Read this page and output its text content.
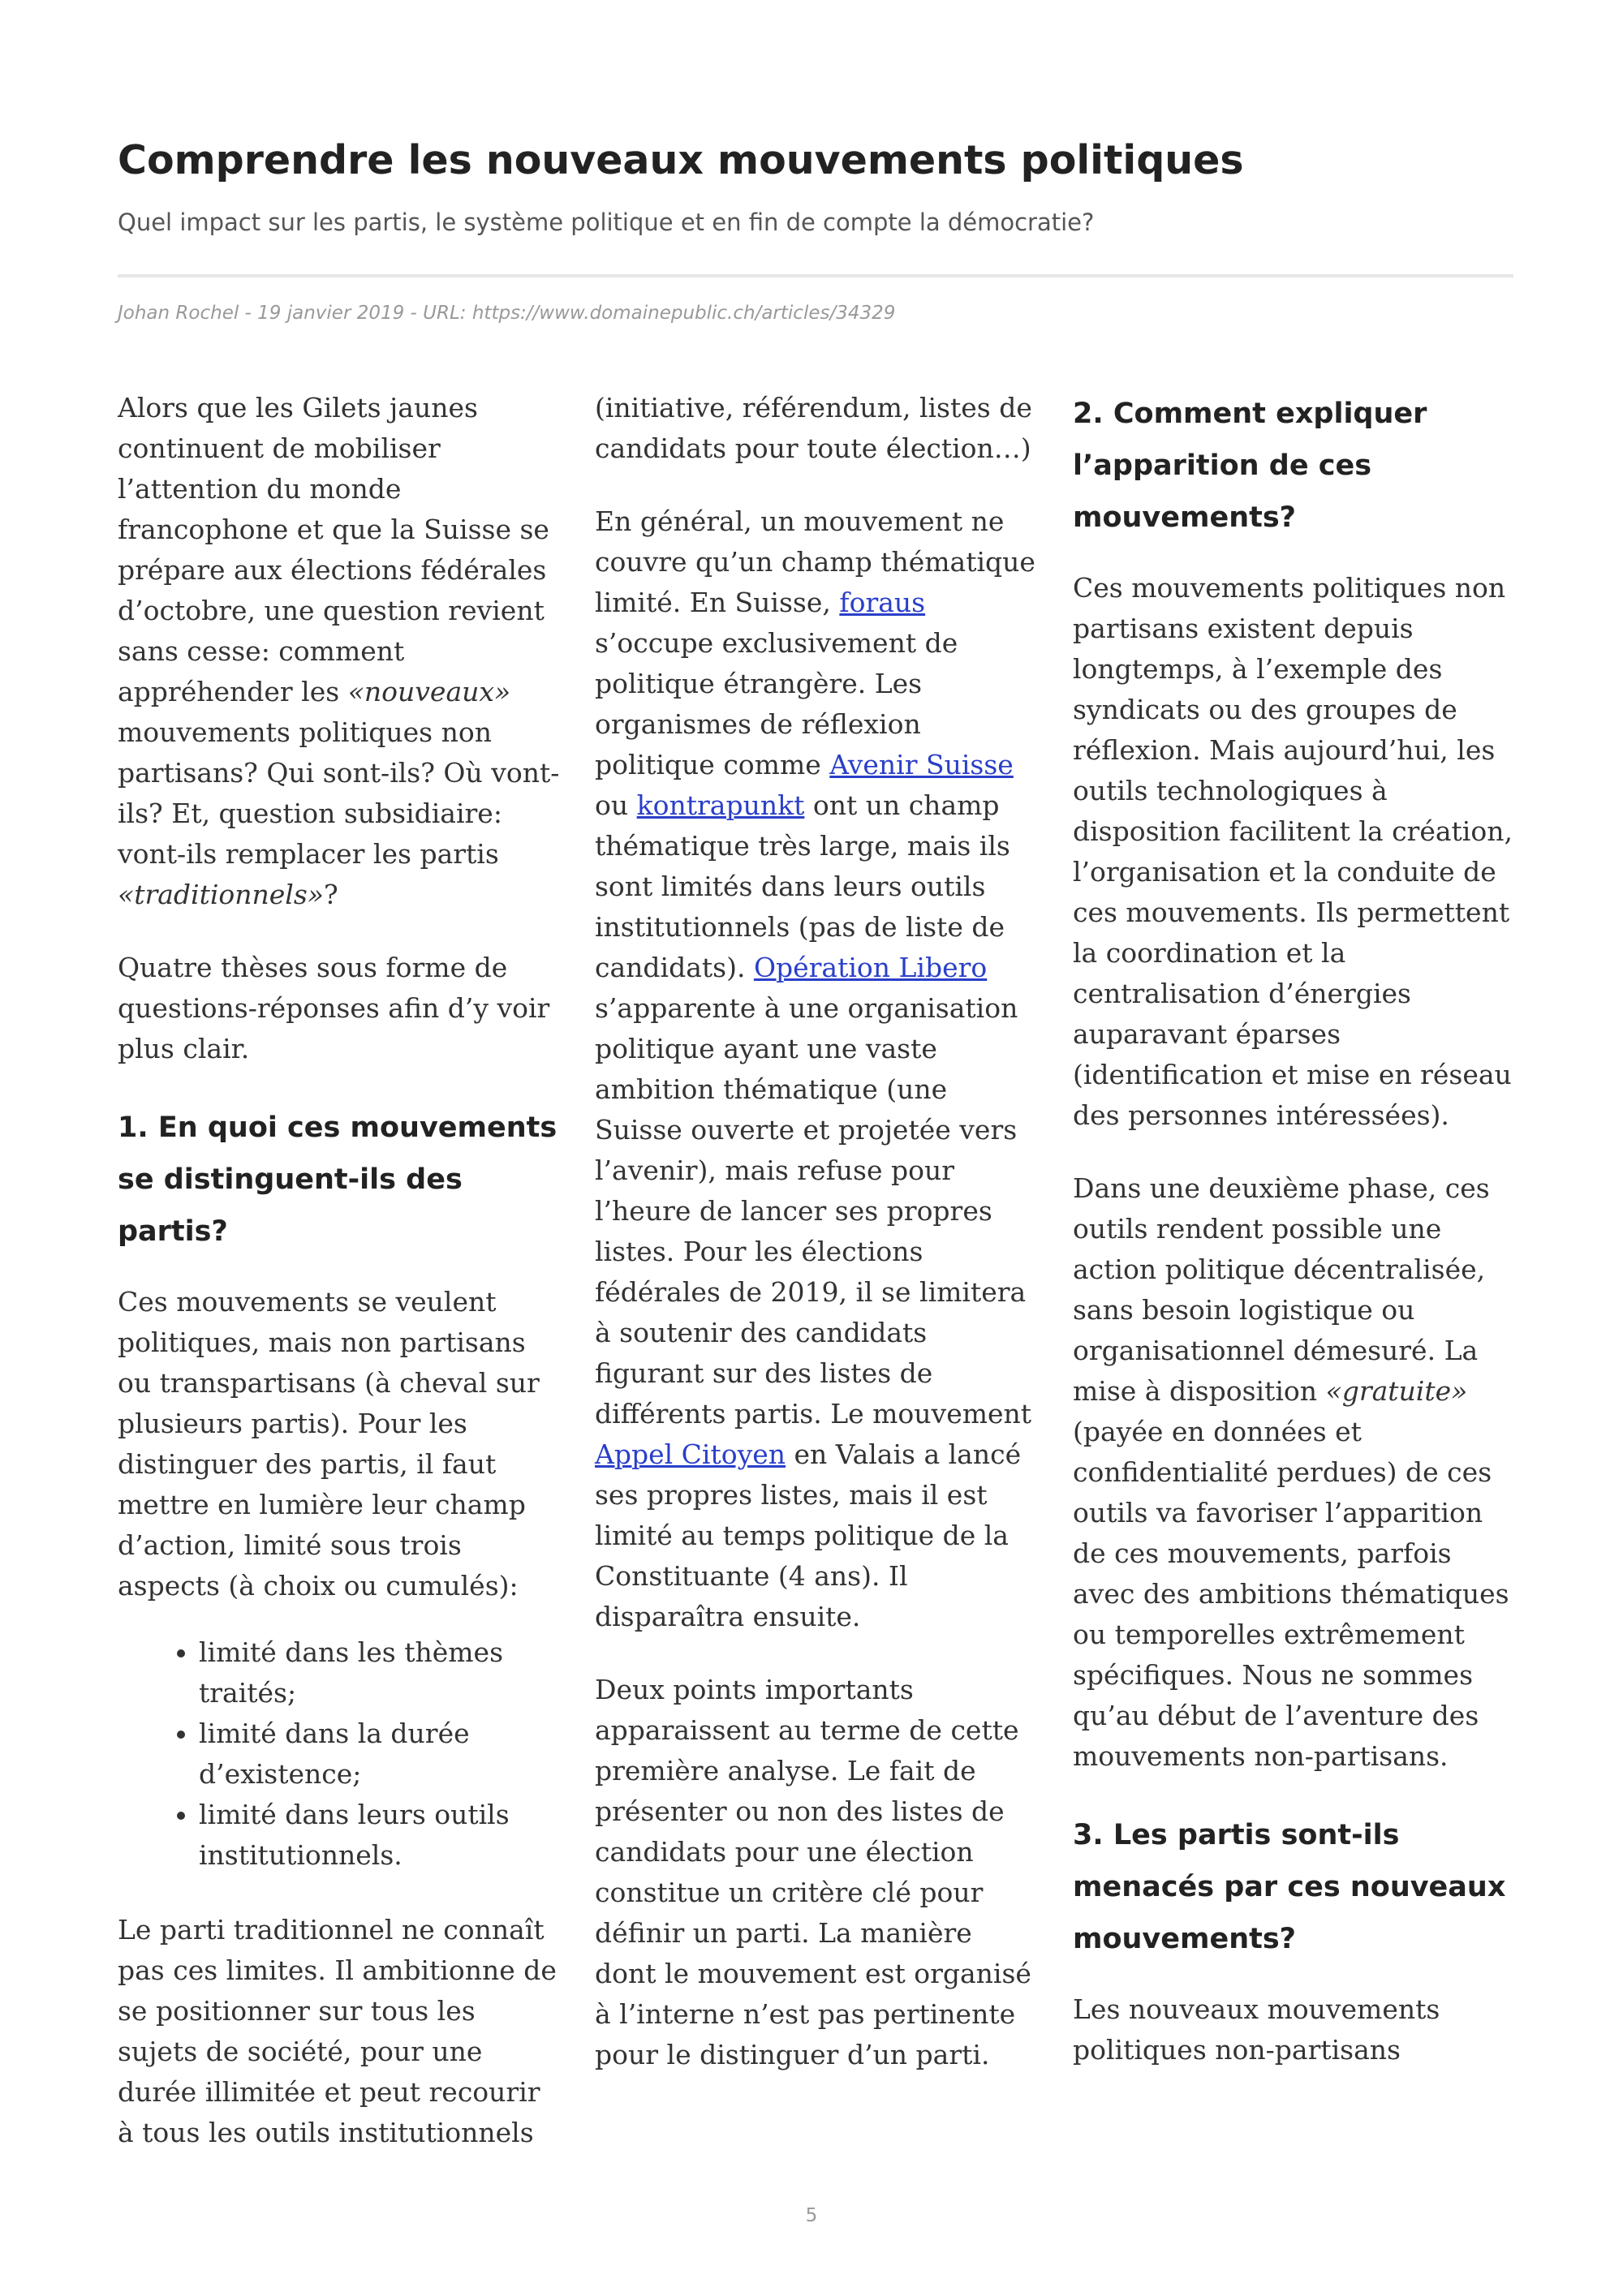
Comprendre les nouveaux mouvements politiques

Quel impact sur les partis, le système politique et en fin de compte la démocratie?

Johan Rochel - 19 janvier 2019 - URL: https://www.domainepublic.ch/articles/34329

Alors que les Gilets jaunes continuent de mobiliser l’attention du monde francophone et que la Suisse se prépare aux élections fédérales d’octobre, une question revient sans cesse: comment appréhender les «nouveaux» mouvements politiques non partisans? Qui sont-ils? Où vont-ils? Et, question subsidiaire: vont-ils remplacer les partis «traditionnels»?

Quatre thèses sous forme de questions-réponses afin d’y voir plus clair.

1. En quoi ces mouvements se distinguent-ils des partis?

Ces mouvements se veulent politiques, mais non partisans ou transpartisans (à cheval sur plusieurs partis). Pour les distinguer des partis, il faut mettre en lumière leur champ d’action, limité sous trois aspects (à choix ou cumulés):

• limité dans les thèmes traités;
• limité dans la durée d’existence;
• limité dans leurs outils institutionnels.

Le parti traditionnel ne connaît pas ces limites. Il ambitionne de se positionner sur tous les sujets de société, pour une durée illimitée et peut recourir à tous les outils institutionnels

(initiative, référendum, listes de candidats pour toute élection…)

En général, un mouvement ne couvre qu’un champ thématique limité. En Suisse, foraus s’occupe exclusivement de politique étrangère. Les organismes de réflexion politique comme Avenir Suisse ou kontrapunkt ont un champ thématique très large, mais ils sont limités dans leurs outils institutionnels (pas de liste de candidats). Opération Libero s’apparente à une organisation politique ayant une vaste ambition thématique (une Suisse ouverte et projetée vers l’avenir), mais refuse pour l’heure de lancer ses propres listes. Pour les élections fédérales de 2019, il se limitera à soutenir des candidats figurant sur des listes de différents partis. Le mouvement Appel Citoyen en Valais a lancé ses propres listes, mais il est limité au temps politique de la Constituante (4 ans). Il disparaîtra ensuite.

Deux points importants apparaissent au terme de cette première analyse. Le fait de présenter ou non des listes de candidats pour une élection constitue un critère clé pour définir un parti. La manière dont le mouvement est organisé à l’interne n’est pas pertinente pour le distinguer d’un parti.

2. Comment expliquer l’apparition de ces mouvements?

Ces mouvements politiques non partisans existent depuis longtemps, à l’exemple des syndicats ou des groupes de réflexion. Mais aujourd’hui, les outils technologiques à disposition facilitent la création, l’organisation et la conduite de ces mouvements. Ils permettent la coordination et la centralisation d’énergies auparavant éparses (identification et mise en réseau des personnes intéressées).

Dans une deuxième phase, ces outils rendent possible une action politique décentralisée, sans besoin logistique ou organisationnel démesuré. La mise à disposition «gratuite» (payée en données et confidentialité perdues) de ces outils va favoriser l’apparition de ces mouvements, parfois avec des ambitions thématiques ou temporelles extrêmement spécifiques. Nous ne sommes qu’au début de l’aventure des mouvements non-partisans.

3. Les partis sont-ils menacés par ces nouveaux mouvements?

Les nouveaux mouvements politiques non-partisans

5
